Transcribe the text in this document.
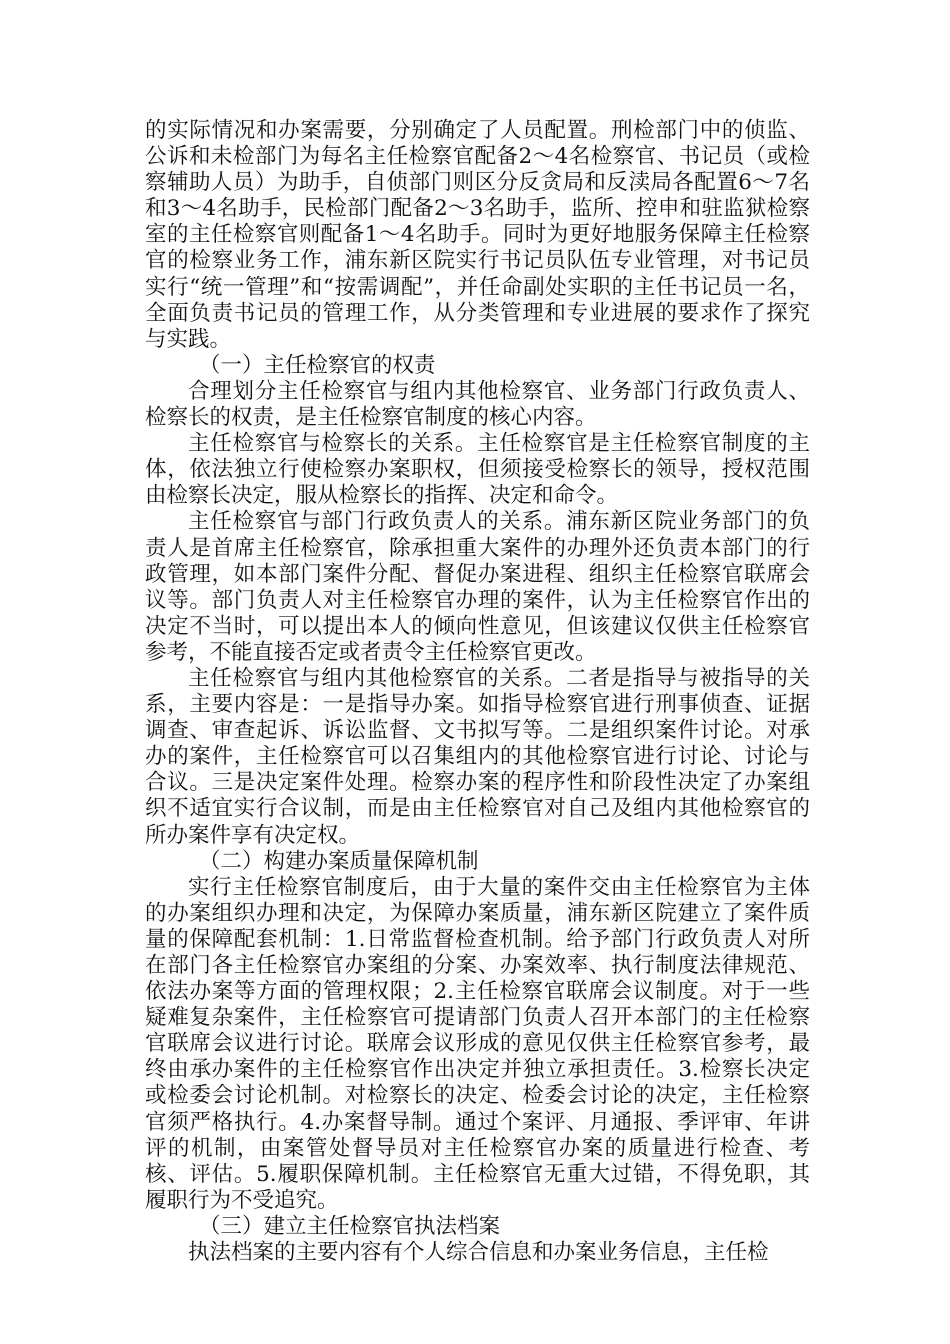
的实际情况和办案需要，分别确定了人员配置。刑检部门中的侦监、公诉和未检部门为每名主任检察官配备2～4名检察官、书记员（或检察辅助人员）为助手，自侦部门则区分反贪局和反渎局各配置6～7名和3～4名助手，民检部门配备2～3名助手，监所、控申和驻监狱检察室的主任检察官则配备1～4名助手。同时为更好地服务保障主任检察官的检察业务工作，浦东新区院实行书记员队伍专业管理，对书记员实行“统一管理”和“按需调配”，并任命副处实职的主任书记员一名，全面负责书记员的管理工作，从分类管理和专业进展的要求作了探究与实践。

（一）主任检察官的权责

合理划分主任检察官与组内其他检察官、业务部门行政负责人、检察长的权责，是主任检察官制度的核心内容。

主任检察官与检察长的关系。主任检察官是主任检察官制度的主体，依法独立行使检察办案职权，但须接受检察长的领导，授权范围由检察长决定，服从检察长的指挥、决定和命令。

主任检察官与部门行政负责人的关系。浦东新区院业务部门的负责人是首席主任检察官，除承担重大案件的办理外还负责本部门的行政管理，如本部门案件分配、督促办案进程、组织主任检察官联席会议等。部门负责人对主任检察官办理的案件，认为主任检察官作出的决定不当时，可以提出本人的倾向性意见，但该建议仅供主任检察官参考，不能直接否定或者责令主任检察官更改。

主任检察官与组内其他检察官的关系。二者是指导与被指导的关系，主要内容是：一是指导办案。如指导检察官进行刑事侦查、证据调查、审查起诉、诉讼监督、文书拟写等。二是组织案件讨论。对承办的案件，主任检察官可以召集组内的其他检察官进行讨论、讨论与合议。三是决定案件处理。检察办案的程序性和阶段性决定了办案组织不适宜实行合议制，而是由主任检察官对自己及组内其他检察官的所办案件享有决定权。

（二）构建办案质量保障机制

实行主任检察官制度后，由于大量的案件交由主任检察官为主体的办案组织办理和决定，为保障办案质量，浦东新区院建立了案件质量的保障配套机制：1.日常监督检查机制。给予部门行政负责人对所在部门各主任检察官办案组的分案、办案效率、执行制度法律规范、依法办案等方面的管理权限；2.主任检察官联席会议制度。对于一些疑难复杂案件，主任检察官可提请部门负责人召开本部门的主任检察官联席会议进行讨论。联席会议形成的意见仅供主任检察官参考，最终由承办案件的主任检察官作出决定并独立承担责任。3.检察长决定或检委会讨论机制。对检察长的决定、检委会讨论的决定，主任检察官须严格执行。4.办案督导制。通过个案评、月通报、季评审、年讲评的机制，由案管处督导员对主任检察官办案的质量进行检查、考核、评估。5.履职保障机制。主任检察官无重大过错，不得免职，其履职行为不受追究。

（三）建立主任检察官执法档案

执法档案的主要内容有个人综合信息和办案业务信息，主任检
